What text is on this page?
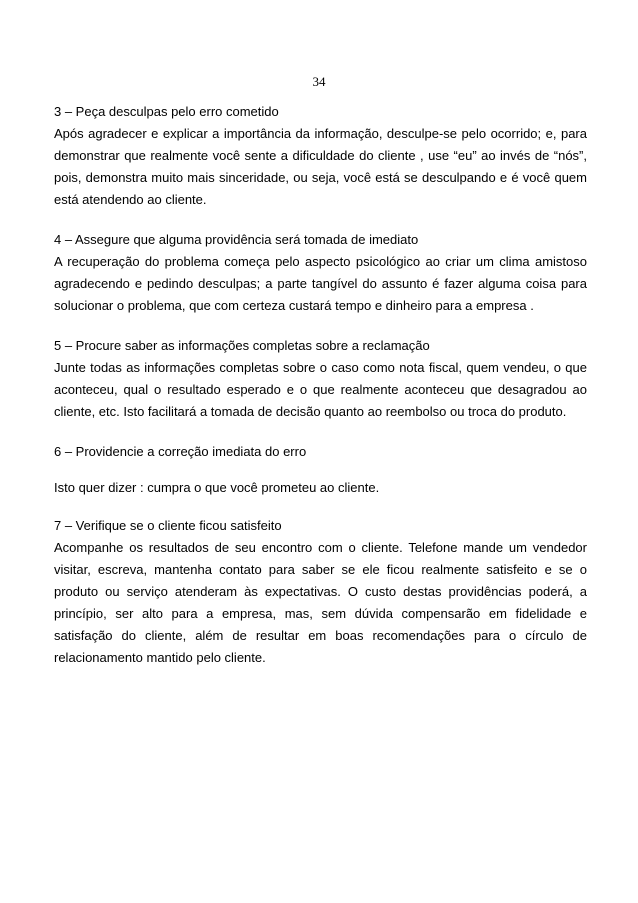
34

3 – Peça desculpas pelo erro cometido

Após agradecer e explicar a importância da informação, desculpe-se pelo ocorrido; e, para demonstrar que realmente você sente a dificuldade do cliente , use “eu” ao invés de “nós”, pois, demonstra muito mais sinceridade, ou seja, você está se desculpando e é você quem está atendendo ao cliente.

4 – Assegure que alguma providência será tomada de imediato

A recuperação do problema começa pelo aspecto psicológico ao criar um clima amistoso agradecendo e pedindo desculpas; a parte tangível do assunto é fazer alguma coisa para solucionar o problema, que com certeza custará tempo e dinheiro para a empresa .

5 – Procure saber as informações completas sobre a reclamação

Junte todas as informações completas sobre o caso como nota fiscal, quem vendeu, o que aconteceu, qual o resultado esperado e o que realmente aconteceu que desagradou ao cliente, etc. Isto facilitará a tomada de decisão quanto ao reembolso ou troca do produto.

6 – Providencie a correção imediata do erro

Isto quer dizer : cumpra o que você prometeu ao cliente.

7 – Verifique se o cliente ficou satisfeito

Acompanhe os resultados de seu encontro com o cliente. Telefone mande um vendedor visitar, escreva, mantenha contato para saber se ele ficou realmente satisfeito e se o produto ou serviço atenderam às expectativas. O custo destas providências poderá, a princípio, ser alto para a empresa, mas, sem dúvida compensarão em fidelidade e satisfação do cliente, além de resultar em boas recomendações para o círculo de relacionamento mantido pelo cliente.
